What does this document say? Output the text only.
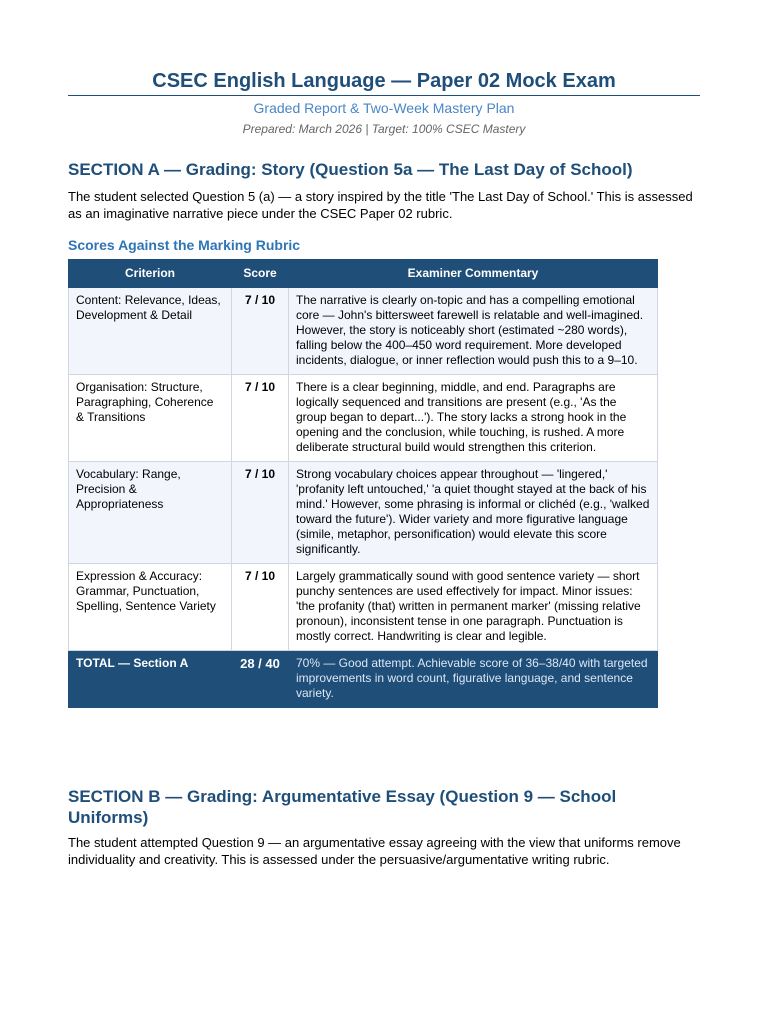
CSEC English Language — Paper 02 Mock Exam
Graded Report & Two-Week Mastery Plan
Prepared: March 2026 | Target: 100% CSEC Mastery
SECTION A — Grading: Story (Question 5a — The Last Day of School)

The student selected Question 5 (a) — a story inspired by the title 'The Last Day of School.' This is assessed as an imaginative narrative piece under the CSEC Paper 02 rubric.

Scores Against the Marking Rubric
Criterion	Score	Examiner Commentary
Content: Relevance, Ideas, Development & Detail	7 / 10	The narrative is clearly on-topic and has a compelling emotional core — John's bittersweet farewell is relatable and well-imagined. However, the story is noticeably short (estimated ~280 words), falling below the 400–450 word requirement. More developed incidents, dialogue, or inner reflection would push this to a 9–10.
Organisation: Structure, Paragraphing, Coherence & Transitions	7 / 10	There is a clear beginning, middle, and end. Paragraphs are logically sequenced and transitions are present (e.g., 'As the group began to depart...'). The story lacks a strong hook in the opening and the conclusion, while touching, is rushed. A more deliberate structural build would strengthen this criterion.
Vocabulary: Range, Precision & Appropriateness	7 / 10	Strong vocabulary choices appear throughout — 'lingered,' 'profanity left untouched,' 'a quiet thought stayed at the back of his mind.' However, some phrasing is informal or clichéd (e.g., 'walked toward the future'). Wider variety and more figurative language (simile, metaphor, personification) would elevate this score significantly.
Expression & Accuracy: Grammar, Punctuation, Spelling, Sentence Variety	7 / 10	Largely grammatically sound with good sentence variety — short punchy sentences are used effectively for impact. Minor issues: 'the profanity (that) written in permanent marker' (missing relative pronoun), inconsistent tense in one paragraph. Punctuation is mostly correct. Handwriting is clear and legible.
TOTAL — Section A	28 / 40	70% — Good attempt. Achievable score of 36–38/40 with targeted improvements in word count, figurative language, and sentence variety.
SECTION B — Grading: Argumentative Essay (Question 9 — School Uniforms)

The student attempted Question 9 — an argumentative essay agreeing with the view that uniforms remove individuality and creativity. This is assessed under the persuasive/argumentative writing rubric.
